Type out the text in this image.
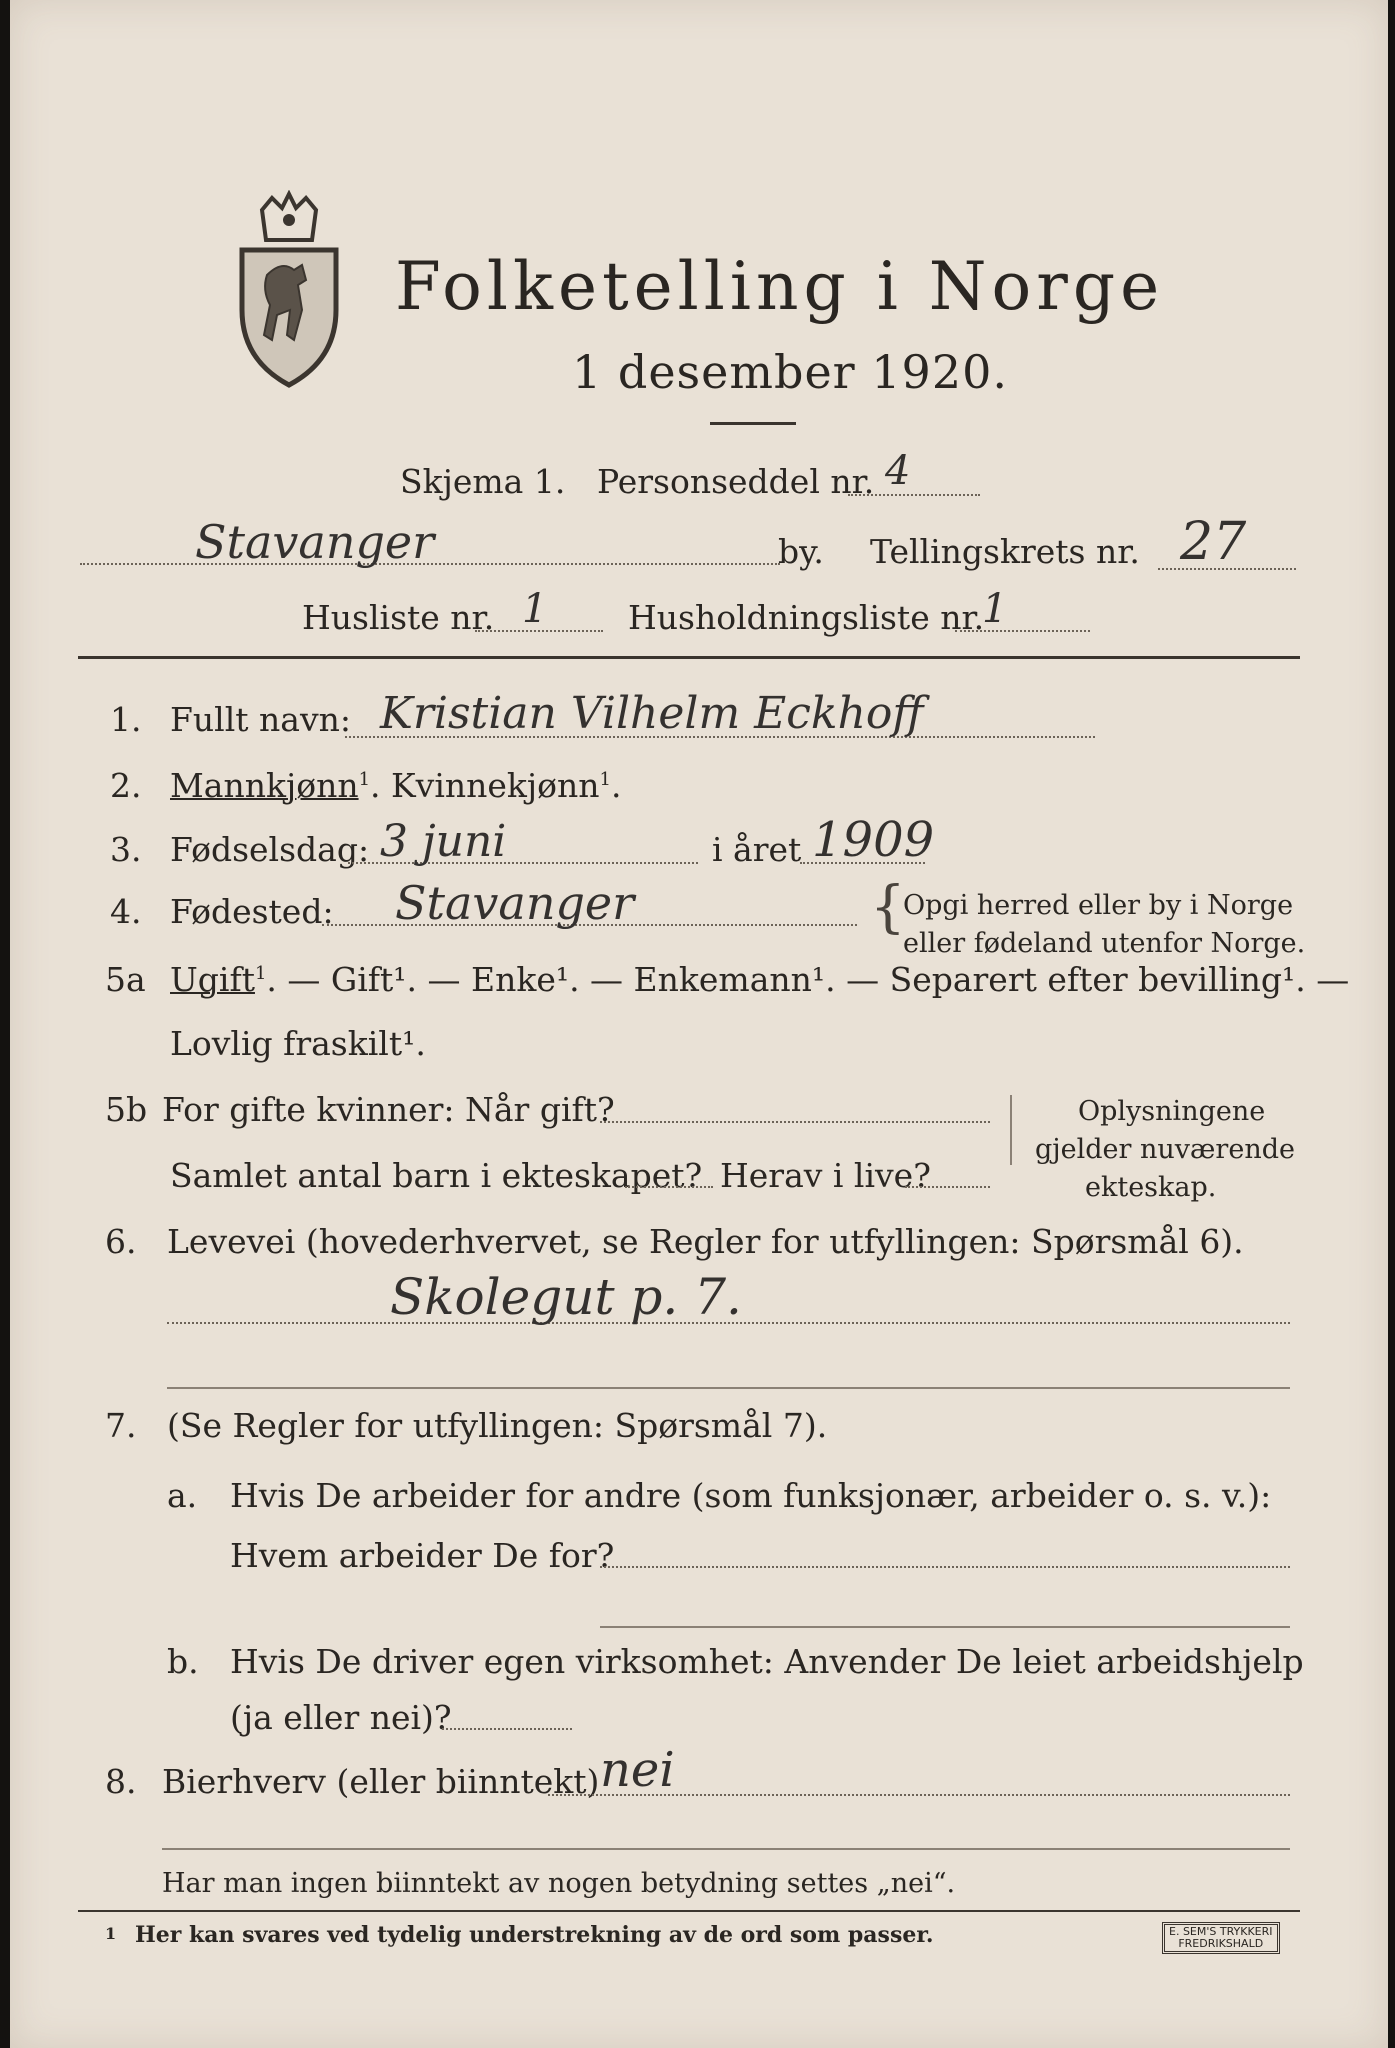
Folketelling i Norge
1 desember 1920.
Skjema 1. Personseddel nr. 4
Stavanger	by. Tellingskrets nr. 27
Husliste nr. 1 Husholdningsliste nr.
1
1. Fullt navn: Kristian Vilhelm Eckhoff
2. Mannkjønn$^1$. Kvinnekjønn$^1$.
3. Fødselsdag: 3 juni	i året 1909
4. Fødested: Stavanger	{
Opgi herred eller by i Norge
eller fødeland utenfor Norge.
5a Ugift$^1$. — Gift¹. — Enke¹. — Enkemann¹. — Separert efter bevilling¹. —
Lovlig fraskilt¹.
5b For gifte kvinner: Når gift?
Samlet antal barn i ekteskapet? Herav i live?
Oplysningene
gjelder nuværende
ekteskap.
6. Levevei (hovederhvervet, se Regler for utfyllingen: Spørsmål 6).
Skolegut p. 7.
7. (Se Regler for utfyllingen: Spørsmål 7).
a. Hvis De arbeider for andre (som funksjonær, arbeider o. s. v.):
Hvem arbeider De for?
b. Hvis De driver egen virksomhet: Anvender De leiet arbeidshjelp
(ja eller nei)?
8. Bierhverv (eller biinntekt) nei
Har man ingen biinntekt av nogen betydning settes „nei“.
1 Her kan svares ved tydelig understrekning av de ord som passer.	E. SEM'S TRYKKERI
FREDRIKSHALD
